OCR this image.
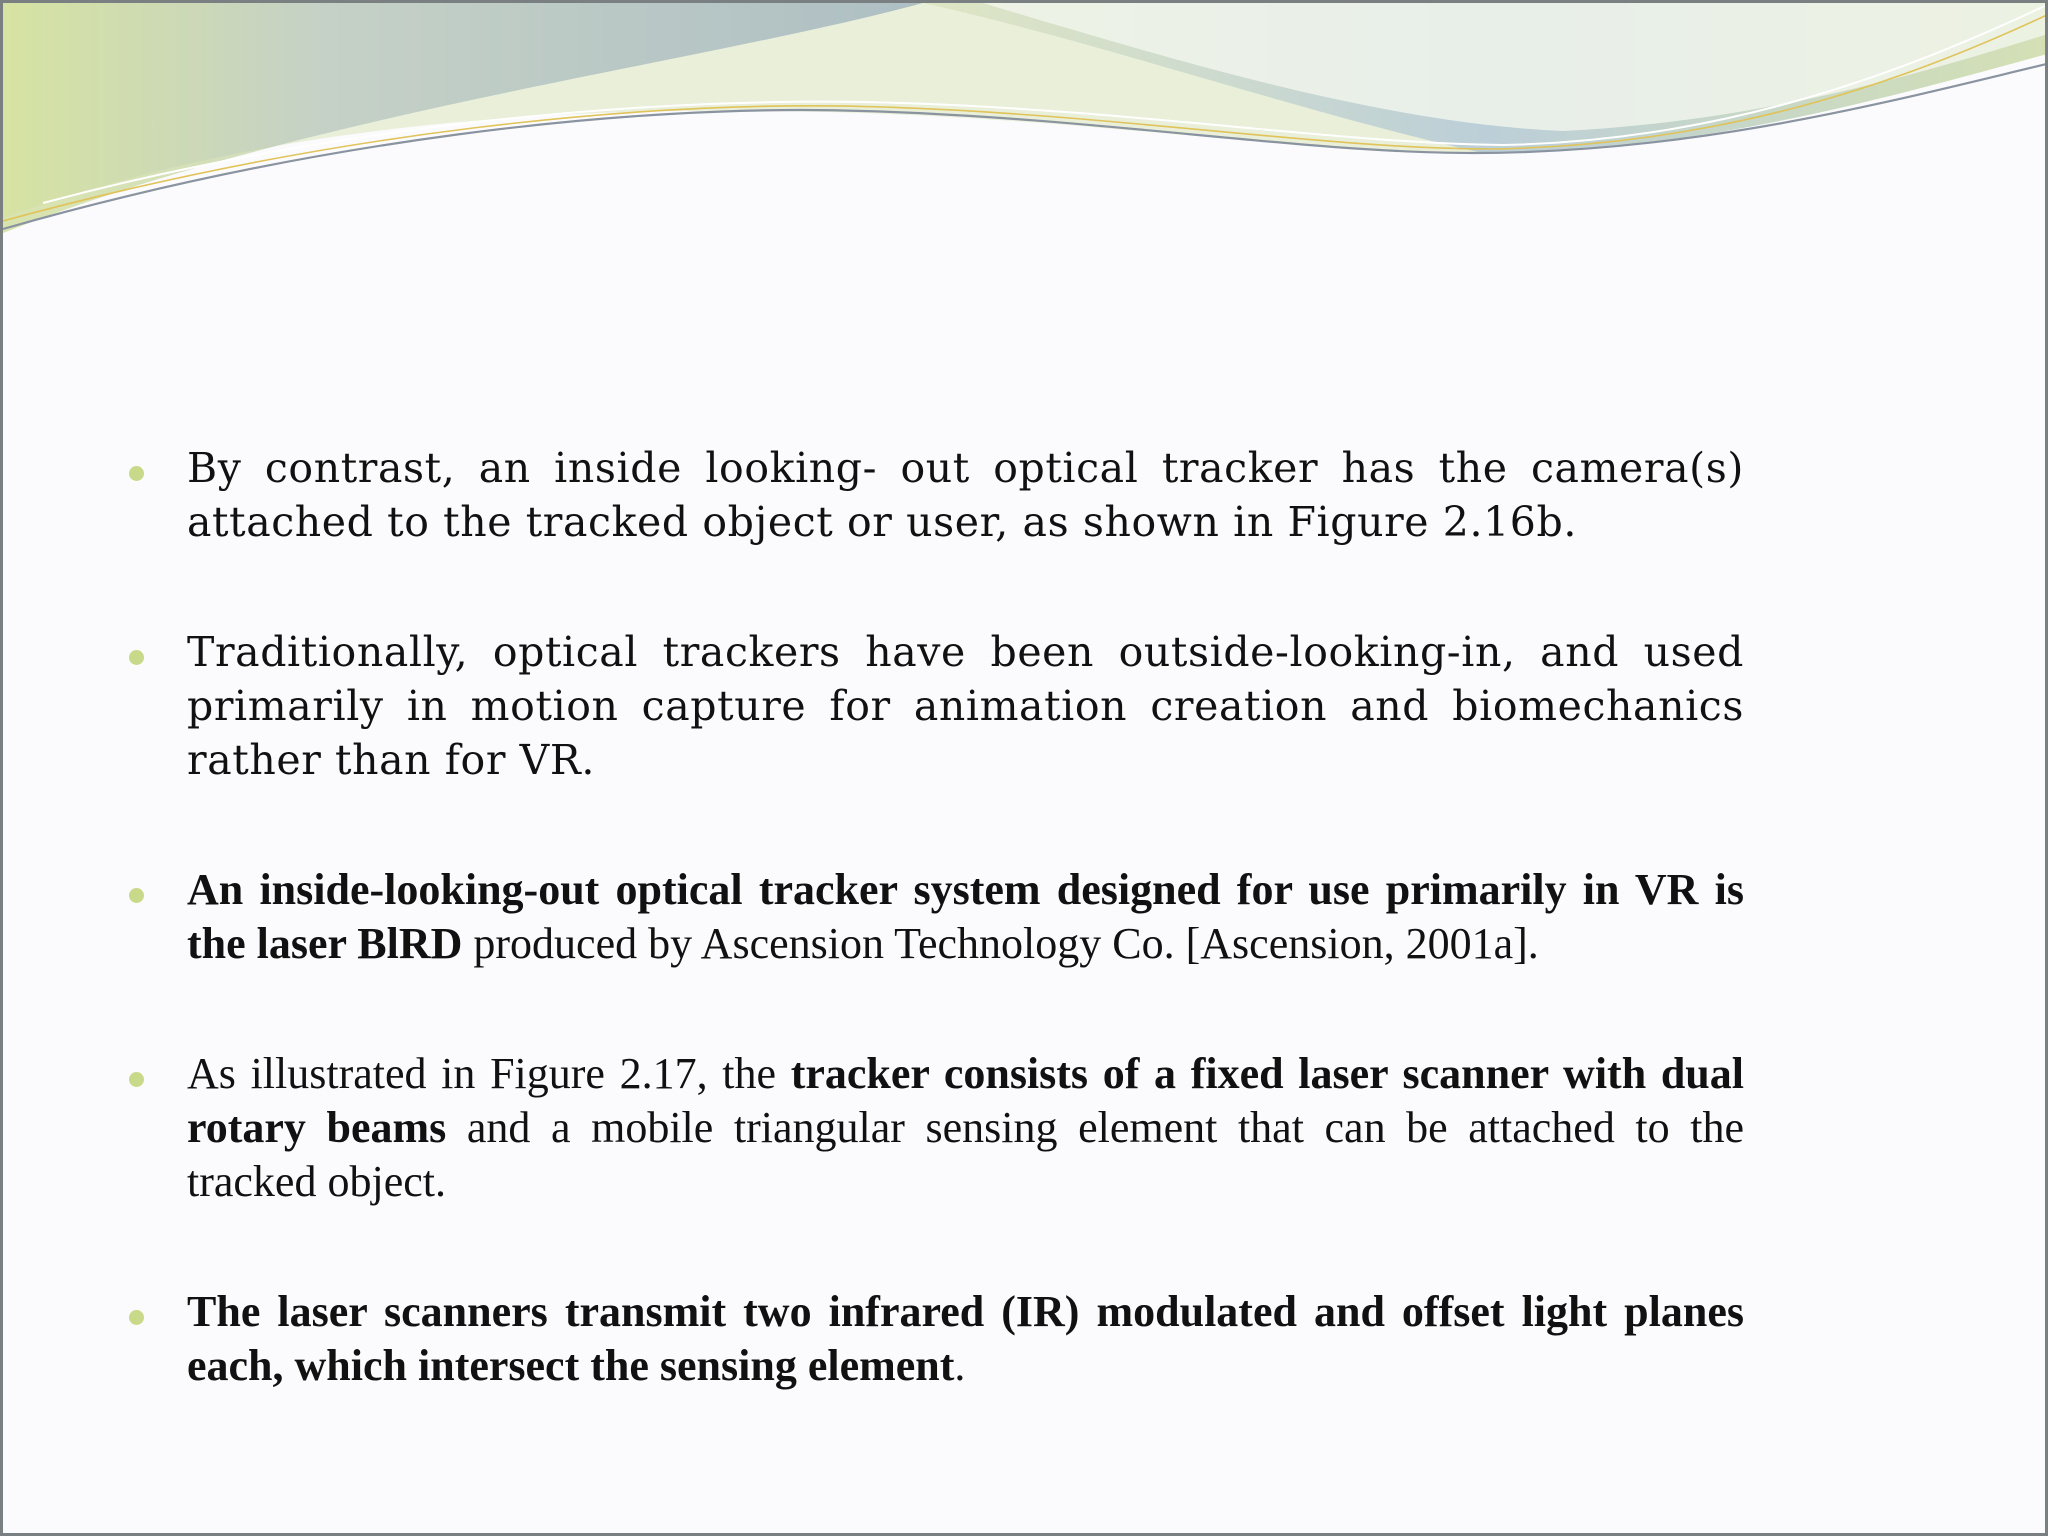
By contrast, an inside looking- out optical tracker has the camera(s) attached to the tracked object or user, as shown in Figure 2.16b.

Traditionally, optical trackers have been outside-looking-in, and used primarily in motion capture for animation creation and biomechanics rather than for VR.

An inside-looking-out optical tracker system designed for use primarily in VR is the laser BlRD produced by Ascension Technology Co. [Ascension, 2001a].

As illustrated in Figure 2.17, the tracker consists of a fixed laser scanner with dual rotary beams and a mobile triangular sensing element that can be attached to the tracked object.

The laser scanners transmit two infrared (IR) modulated and offset light planes each, which intersect the sensing element.
